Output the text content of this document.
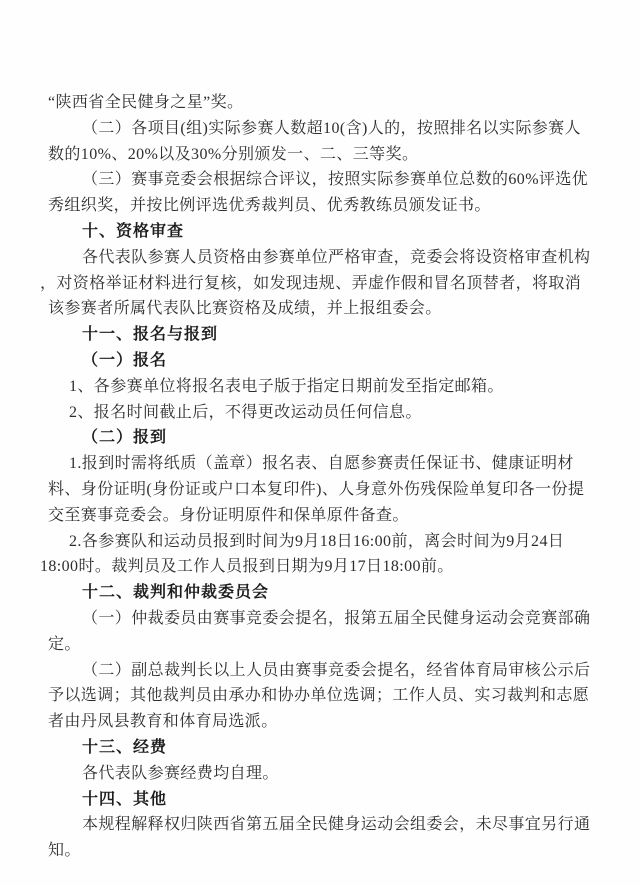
“陕西省全民健身之星”奖。
（二）各项目(组)实际参赛人数超10(含)人的，按照排名以实际参赛人
数的10%、20%以及30%分别颁发一、二、三等奖。
（三）赛事竞委会根据综合评议，按照实际参赛单位总数的60%评选优
秀组织奖，并按比例评选优秀裁判员、优秀教练员颁发证书。
十、资格审查
各代表队参赛人员资格由参赛单位严格审查，竞委会将设资格审查机构
，对资格举证材料进行复核，如发现违规、弄虚作假和冒名顶替者，将取消
该参赛者所属代表队比赛资格及成绩，并上报组委会。
十一、报名与报到
（一）报名
1、各参赛单位将报名表电子版于指定日期前发至指定邮箱。
2、报名时间截止后，不得更改运动员任何信息。
（二）报到
1.报到时需将纸质（盖章）报名表、自愿参赛责任保证书、健康证明材
料、身份证明(身份证或户口本复印件)、人身意外伤残保险单复印各一份提
交至赛事竞委会。身份证明原件和保单原件备查。
2.各参赛队和运动员报到时间为9月18日16:00前，离会时间为9月24日
18:00时。裁判员及工作人员报到日期为9月17日18:00前。
十二、裁判和仲裁委员会
（一）仲裁委员由赛事竞委会提名，报第五届全民健身运动会竞赛部确
定。
（二）副总裁判长以上人员由赛事竞委会提名，经省体育局审核公示后
予以选调；其他裁判员由承办和协办单位选调；工作人员、实习裁判和志愿
者由丹凤县教育和体育局选派。
十三、经费
各代表队参赛经费均自理。
十四、其他
本规程解释权归陕西省第五届全民健身运动会组委会，未尽事宜另行通
知。
